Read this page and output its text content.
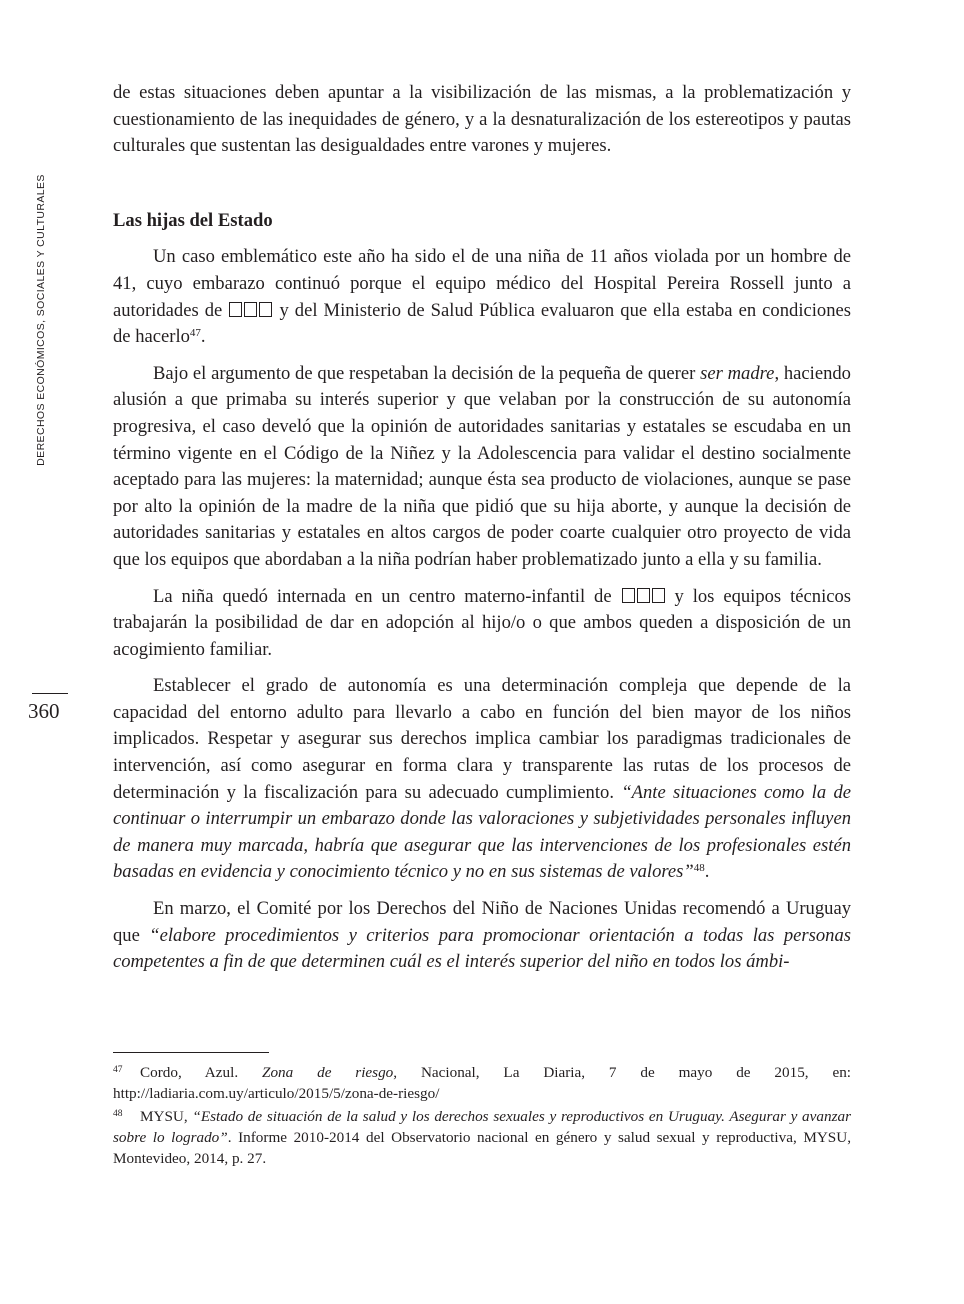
DERECHOS ECONÓMICOS, SOCIALES Y CULTURALES
360

de estas situaciones deben apuntar a la visibilización de las mismas, a la problematización y cuestionamiento de las inequidades de género, y a la desnaturalización de los estereotipos y pautas culturales que sustentan las desigualdades entre varones y mujeres.

Las hijas del Estado

Un caso emblemático este año ha sido el de una niña de 11 años violada por un hombre de 41, cuyo embarazo continuó porque el equipo médico del Hospital Pereira Rossell junto a autoridades de	y del Ministerio de Salud Pública evaluaron que ella estaba en condiciones de hacerlo$^{47}$.

Bajo el argumento de que respetaban la decisión de la pequeña de querer ser madre, haciendo alusión a que primaba su interés superior y que velaban por la construcción de su autonomía progresiva, el caso develó que la opinión de autoridades sanitarias y estatales se escudaba en un término vigente en el Código de la Niñez y la Adolescencia para validar el destino socialmente aceptado para las mujeres: la maternidad; aunque ésta sea producto de violaciones, aunque se pase por alto la opinión de la madre de la niña que pidió que su hija aborte, y aunque la decisión de autoridades sanitarias y estatales en altos cargos de poder coarte cualquier otro proyecto de vida que los equipos que abordaban a la niña podrían haber problematizado junto a ella y su familia.

La niña quedó internada en un centro materno-infantil de	y los equipos técnicos trabajarán la posibilidad de dar en adopción al hijo/o o que ambos queden a disposición de un acogimiento familiar.

Establecer el grado de autonomía es una determinación compleja que depende de la capacidad del entorno adulto para llevarlo a cabo en función del bien mayor de los niños implicados. Respetar y asegurar sus derechos implica cambiar los paradigmas tradicionales de intervención, así como asegurar en forma clara y transparente las rutas de los procesos de determinación y la fiscalización para su adecuado cumplimiento. “Ante situaciones como la de continuar o interrumpir un embarazo donde las valoraciones y subjetividades personales influyen de manera muy marcada, habría que asegurar que las intervenciones de los profesionales estén basadas en evidencia y conocimiento técnico y no en sus sistemas de valores”$^{48}$.

En marzo, el Comité por los Derechos del Niño de Naciones Unidas recomendó a Uruguay que “elabore procedimientos y criterios para promocionar orientación a todas las personas competentes a fin de que determinen cuál es el interés superior del niño en todos los ámbi-

47 Cordo, Azul. Zona de riesgo, Nacional, La Diaria, 7 de mayo de 2015, en: http://ladiaria.com.uy/articulo/2015/5/zona-de-riesgo/

48 MYSU, “Estado de situación de la salud y los derechos sexuales y reproductivos en Uruguay. Asegurar y avanzar sobre lo logrado”. Informe 2010-2014 del Observatorio nacional en género y salud sexual y reproductiva, MYSU, Montevideo, 2014, p. 27.
